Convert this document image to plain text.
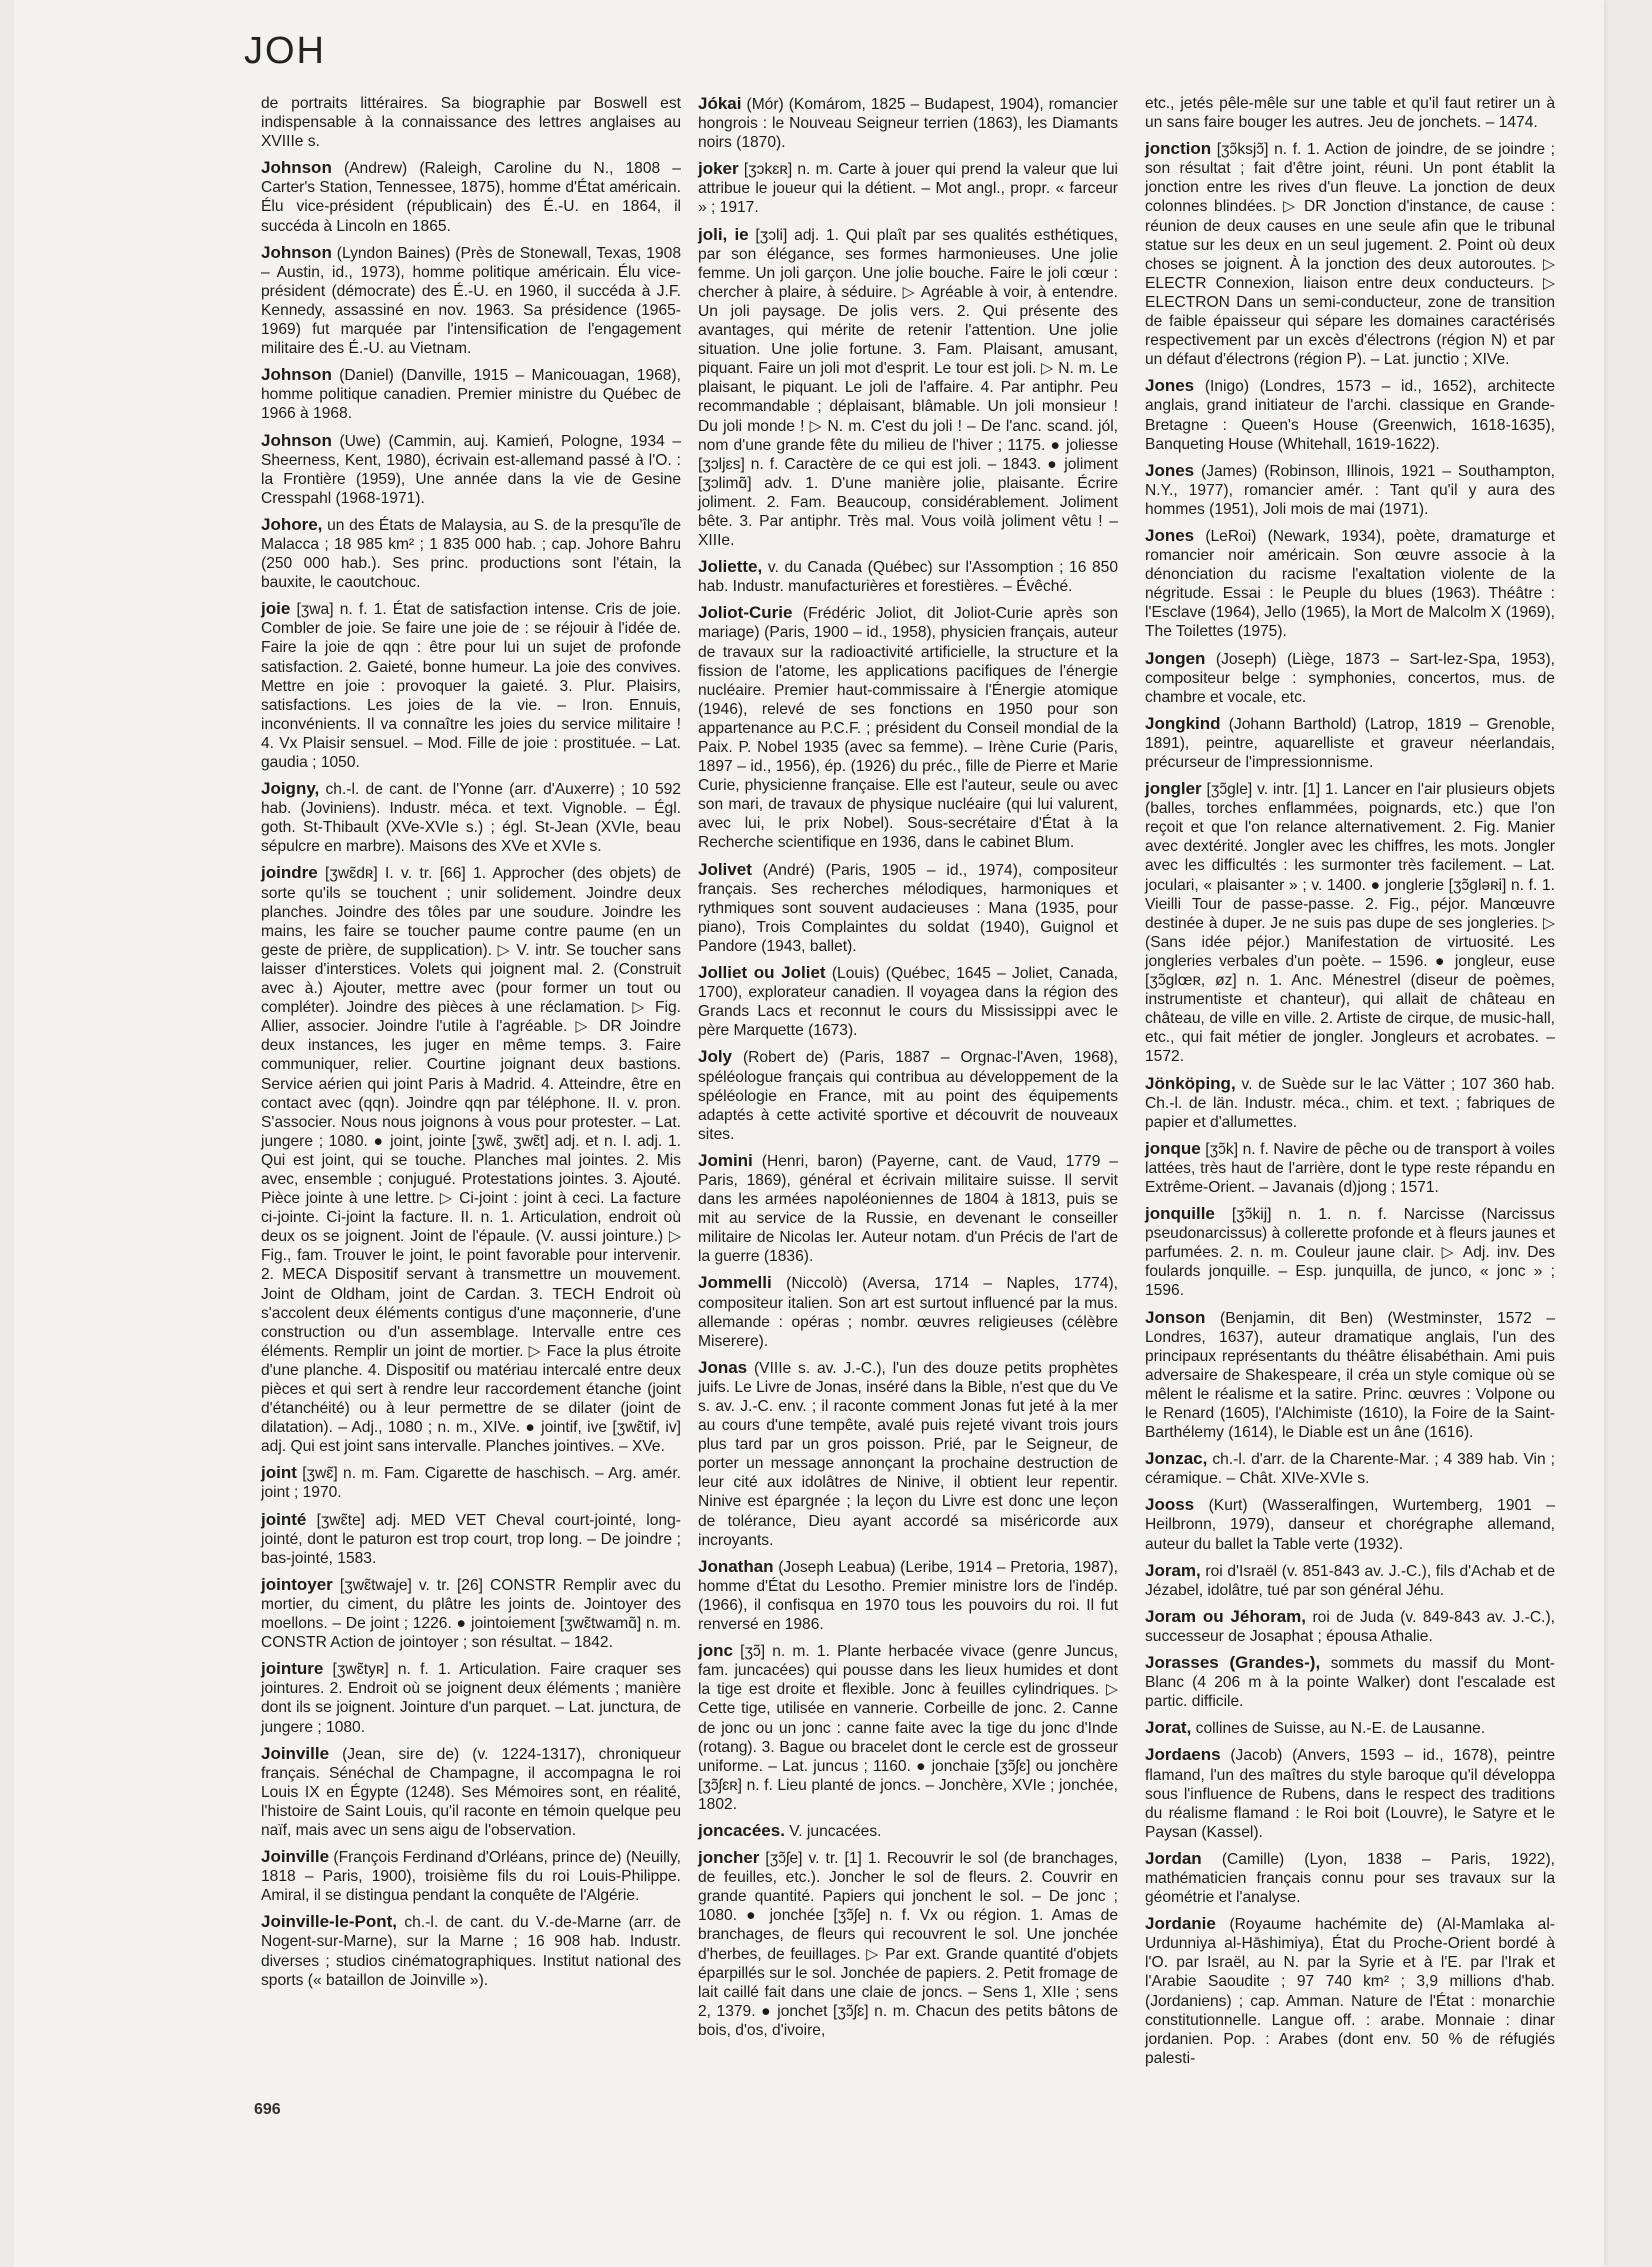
JOH

de portraits littéraires. Sa biographie par Boswell est indispensable à la connaissance des lettres anglaises au XVIIIe s.

Johnson (Andrew) (Raleigh, Caroline du N., 1808 – Carter's Station, Tennessee, 1875), homme d'État américain. Élu vice-président (républicain) des É.-U. en 1864, il succéda à Lincoln en 1865.

Johnson (Lyndon Baines) (Près de Stonewall, Texas, 1908 – Austin, id., 1973), homme politique américain. Élu vice-président (démocrate) des É.-U. en 1960, il succéda à J.F. Kennedy, assassiné en nov. 1963. Sa présidence (1965-1969) fut marquée par l'intensification de l'engagement militaire des É.-U. au Vietnam.

Johnson (Daniel) (Danville, 1915 – Manicouagan, 1968), homme politique canadien. Premier ministre du Québec de 1966 à 1968.

Johnson (Uwe) (Cammin, auj. Kamień, Pologne, 1934 – Sheerness, Kent, 1980), écrivain est-allemand passé à l'O. : la Frontière (1959), Une année dans la vie de Gesine Cresspahl (1968-1971).

Johore, un des États de Malaysia, au S. de la presqu'île de Malacca ; 18 985 km² ; 1 835 000 hab. ; cap. Johore Bahru (250 000 hab.). Ses princ. productions sont l'étain, la bauxite, le caoutchouc.

joie [ʒwa] n. f. 1. État de satisfaction intense. Cris de joie. Combler de joie. Se faire une joie de : se réjouir à l'idée de. Faire la joie de qqn : être pour lui un sujet de profonde satisfaction. 2. Gaieté, bonne humeur. La joie des convives. Mettre en joie : provoquer la gaieté. 3. Plur. Plaisirs, satisfactions. Les joies de la vie. – Iron. Ennuis, inconvénients. Il va connaître les joies du service militaire ! 4. Vx Plaisir sensuel. – Mod. Fille de joie : prostituée. – Lat. gaudia ; 1050.

Joigny, ch.-l. de cant. de l'Yonne (arr. d'Auxerre) ; 10 592 hab. (Joviniens). Industr. méca. et text. Vignoble. – Égl. goth. St-Thibault (XVe-XVIe s.) ; égl. St-Jean (XVIe, beau sépulcre en marbre). Maisons des XVe et XVIe s.

joindre [ʒwɛ̃dʀ] I. v. tr. [66] 1. Approcher (des objets) de sorte qu'ils se touchent ; unir solidement. Joindre deux planches. Joindre des tôles par une soudure. Joindre les mains, les faire se toucher paume contre paume (en un geste de prière, de supplication). ▷ V. intr. Se toucher sans laisser d'interstices. Volets qui joignent mal. 2. (Construit avec à.) Ajouter, mettre avec (pour former un tout ou compléter). Joindre des pièces à une réclamation. ▷ Fig. Allier, associer. Joindre l'utile à l'agréable. ▷ DR Joindre deux instances, les juger en même temps. 3. Faire communiquer, relier. Courtine joignant deux bastions. Service aérien qui joint Paris à Madrid. 4. Atteindre, être en contact avec (qqn). Joindre qqn par téléphone. II. v. pron. S'associer. Nous nous joignons à vous pour protester. – Lat. jungere ; 1080. ● joint, jointe [ʒwɛ̃, ʒwɛ̃t] adj. et n. I. adj. 1. Qui est joint, qui se touche. Planches mal jointes. 2. Mis avec, ensemble ; conjugué. Protestations jointes. 3. Ajouté. Pièce jointe à une lettre. ▷ Ci-joint : joint à ceci. La facture ci-jointe. Ci-joint la facture. II. n. 1. Articulation, endroit où deux os se joignent. Joint de l'épaule. (V. aussi jointure.) ▷ Fig., fam. Trouver le joint, le point favorable pour intervenir. 2. MECA Dispositif servant à transmettre un mouvement. Joint de Oldham, joint de Cardan. 3. TECH Endroit où s'accolent deux éléments contigus d'une maçonnerie, d'une construction ou d'un assemblage. Intervalle entre ces éléments. Remplir un joint de mortier. ▷ Face la plus étroite d'une planche. 4. Dispositif ou matériau intercalé entre deux pièces et qui sert à rendre leur raccordement étanche (joint d'étanchéité) ou à leur permettre de se dilater (joint de dilatation). – Adj., 1080 ; n. m., XIVe. ● jointif, ive [ʒwɛ̃tif, iv] adj. Qui est joint sans intervalle. Planches jointives. – XVe.

joint [ʒwɛ̃] n. m. Fam. Cigarette de haschisch. – Arg. amér. joint ; 1970.

jointé [ʒwɛ̃te] adj. MED VET Cheval court-jointé, long-jointé, dont le paturon est trop court, trop long. – De joindre ; bas-jointé, 1583.

jointoyer [ʒwɛ̃twaje] v. tr. [26] CONSTR Remplir avec du mortier, du ciment, du plâtre les joints de. Jointoyer des moellons. – De joint ; 1226. ● jointoiement [ʒwɛ̃twamɑ̃] n. m. CONSTR Action de jointoyer ; son résultat. – 1842.

jointure [ʒwɛ̃tyʀ] n. f. 1. Articulation. Faire craquer ses jointures. 2. Endroit où se joignent deux éléments ; manière dont ils se joignent. Jointure d'un parquet. – Lat. junctura, de jungere ; 1080.

Joinville (Jean, sire de) (v. 1224-1317), chroniqueur français. Sénéchal de Champagne, il accompagna le roi Louis IX en Égypte (1248). Ses Mémoires sont, en réalité, l'histoire de Saint Louis, qu'il raconte en témoin quelque peu naïf, mais avec un sens aigu de l'observation.

Joinville (François Ferdinand d'Orléans, prince de) (Neuilly, 1818 – Paris, 1900), troisième fils du roi Louis-Philippe. Amiral, il se distingua pendant la conquête de l'Algérie.

Joinville-le-Pont, ch.-l. de cant. du V.-de-Marne (arr. de Nogent-sur-Marne), sur la Marne ; 16 908 hab. Industr. diverses ; studios cinématographiques. Institut national des sports (« bataillon de Joinville »).

Jókai (Mór) (Komárom, 1825 – Budapest, 1904), romancier hongrois : le Nouveau Seigneur terrien (1863), les Diamants noirs (1870).

joker [ʒɔkɛʀ] n. m. Carte à jouer qui prend la valeur que lui attribue le joueur qui la détient. – Mot angl., propr. « farceur » ; 1917.

joli, ie [ʒɔli] adj. 1. Qui plaît par ses qualités esthétiques, par son élégance, ses formes harmonieuses. Une jolie femme. Un joli garçon. Une jolie bouche. Faire le joli cœur : chercher à plaire, à séduire. ▷ Agréable à voir, à entendre. Un joli paysage. De jolis vers. 2. Qui présente des avantages, qui mérite de retenir l'attention. Une jolie situation. Une jolie fortune. 3. Fam. Plaisant, amusant, piquant. Faire un joli mot d'esprit. Le tour est joli. ▷ N. m. Le plaisant, le piquant. Le joli de l'affaire. 4. Par antiphr. Peu recommandable ; déplaisant, blâmable. Un joli monsieur ! Du joli monde ! ▷ N. m. C'est du joli ! – De l'anc. scand. jól, nom d'une grande fête du milieu de l'hiver ; 1175. ● joliesse [ʒɔljɛs] n. f. Caractère de ce qui est joli. – 1843. ● joliment [ʒɔlimɑ̃] adv. 1. D'une manière jolie, plaisante. Écrire joliment. 2. Fam. Beaucoup, considérablement. Joliment bête. 3. Par antiphr. Très mal. Vous voilà joliment vêtu ! – XIIIe.

Joliette, v. du Canada (Québec) sur l'Assomption ; 16 850 hab. Industr. manufacturières et forestières. – Évêché.

Joliot-Curie (Frédéric Joliot, dit Joliot-Curie après son mariage) (Paris, 1900 – id., 1958), physicien français, auteur de travaux sur la radioactivité artificielle, la structure et la fission de l'atome, les applications pacifiques de l'énergie nucléaire. Premier haut-commissaire à l'Énergie atomique (1946), relevé de ses fonctions en 1950 pour son appartenance au P.C.F. ; président du Conseil mondial de la Paix. P. Nobel 1935 (avec sa femme). – Irène Curie (Paris, 1897 – id., 1956), ép. (1926) du préc., fille de Pierre et Marie Curie, physicienne française. Elle est l'auteur, seule ou avec son mari, de travaux de physique nucléaire (qui lui valurent, avec lui, le prix Nobel). Sous-secrétaire d'État à la Recherche scientifique en 1936, dans le cabinet Blum.

Jolivet (André) (Paris, 1905 – id., 1974), compositeur français. Ses recherches mélodiques, harmoniques et rythmiques sont souvent audacieuses : Mana (1935, pour piano), Trois Complaintes du soldat (1940), Guignol et Pandore (1943, ballet).

Jolliet ou Joliet (Louis) (Québec, 1645 – Joliet, Canada, 1700), explorateur canadien. Il voyagea dans la région des Grands Lacs et reconnut le cours du Mississippi avec le père Marquette (1673).

Joly (Robert de) (Paris, 1887 – Orgnac-l'Aven, 1968), spéléologue français qui contribua au développement de la spéléologie en France, mit au point des équipements adaptés à cette activité sportive et découvrit de nouveaux sites.

Jomini (Henri, baron) (Payerne, cant. de Vaud, 1779 – Paris, 1869), général et écrivain militaire suisse. Il servit dans les armées napoléoniennes de 1804 à 1813, puis se mit au service de la Russie, en devenant le conseiller militaire de Nicolas Ier. Auteur notam. d'un Précis de l'art de la guerre (1836).

Jommelli (Niccolò) (Aversa, 1714 – Naples, 1774), compositeur italien. Son art est surtout influencé par la mus. allemande : opéras ; nombr. œuvres religieuses (célèbre Miserere).

Jonas (VIIIe s. av. J.-C.), l'un des douze petits prophètes juifs. Le Livre de Jonas, inséré dans la Bible, n'est que du Ve s. av. J.-C. env. ; il raconte comment Jonas fut jeté à la mer au cours d'une tempête, avalé puis rejeté vivant trois jours plus tard par un gros poisson. Prié, par le Seigneur, de porter un message annonçant la prochaine destruction de leur cité aux idolâtres de Ninive, il obtient leur repentir. Ninive est épargnée ; la leçon du Livre est donc une leçon de tolérance, Dieu ayant accordé sa miséricorde aux incroyants.

Jonathan (Joseph Leabua) (Leribe, 1914 – Pretoria, 1987), homme d'État du Lesotho. Premier ministre lors de l'indép. (1966), il confisqua en 1970 tous les pouvoirs du roi. Il fut renversé en 1986.

jonc [ʒɔ̃] n. m. 1. Plante herbacée vivace (genre Juncus, fam. juncacées) qui pousse dans les lieux humides et dont la tige est droite et flexible. Jonc à feuilles cylindriques. ▷ Cette tige, utilisée en vannerie. Corbeille de jonc. 2. Canne de jonc ou un jonc : canne faite avec la tige du jonc d'Inde (rotang). 3. Bague ou bracelet dont le cercle est de grosseur uniforme. – Lat. juncus ; 1160. ● jonchaie [ʒɔ̃ʃɛ] ou jonchère [ʒɔ̃ʃɛʀ] n. f. Lieu planté de joncs. – Jonchère, XVIe ; jonchée, 1802.

joncacées. V. juncacées.

joncher [ʒɔ̃ʃe] v. tr. [1] 1. Recouvrir le sol (de branchages, de feuilles, etc.). Joncher le sol de fleurs. 2. Couvrir en grande quantité. Papiers qui jonchent le sol. – De jonc ; 1080. ● jonchée [ʒɔ̃ʃe] n. f. Vx ou région. 1. Amas de branchages, de fleurs qui recouvrent le sol. Une jonchée d'herbes, de feuillages. ▷ Par ext. Grande quantité d'objets éparpillés sur le sol. Jonchée de papiers. 2. Petit fromage de lait caillé fait dans une claie de joncs. – Sens 1, XIIe ; sens 2, 1379. ● jonchet [ʒɔ̃ʃɛ] n. m. Chacun des petits bâtons de bois, d'os, d'ivoire,

etc., jetés pêle-mêle sur une table et qu'il faut retirer un à un sans faire bouger les autres. Jeu de jonchets. – 1474.

jonction [ʒɔ̃ksjɔ̃] n. f. 1. Action de joindre, de se joindre ; son résultat ; fait d'être joint, réuni. Un pont établit la jonction entre les rives d'un fleuve. La jonction de deux colonnes blindées. ▷ DR Jonction d'instance, de cause : réunion de deux causes en une seule afin que le tribunal statue sur les deux en un seul jugement. 2. Point où deux choses se joignent. À la jonction des deux autoroutes. ▷ ELECTR Connexion, liaison entre deux conducteurs. ▷ ELECTRON Dans un semi-conducteur, zone de transition de faible épaisseur qui sépare les domaines caractérisés respectivement par un excès d'électrons (région N) et par un défaut d'électrons (région P). – Lat. junctio ; XIVe.

Jones (Inigo) (Londres, 1573 – id., 1652), architecte anglais, grand initiateur de l'archi. classique en Grande-Bretagne : Queen's House (Greenwich, 1618-1635), Banqueting House (Whitehall, 1619-1622).

Jones (James) (Robinson, Illinois, 1921 – Southampton, N.Y., 1977), romancier amér. : Tant qu'il y aura des hommes (1951), Joli mois de mai (1971).

Jones (LeRoi) (Newark, 1934), poète, dramaturge et romancier noir américain. Son œuvre associe à la dénonciation du racisme l'exaltation violente de la négritude. Essai : le Peuple du blues (1963). Théâtre : l'Esclave (1964), Jello (1965), la Mort de Malcolm X (1969), The Toilettes (1975).

Jongen (Joseph) (Liège, 1873 – Sart-lez-Spa, 1953), compositeur belge : symphonies, concertos, mus. de chambre et vocale, etc.

Jongkind (Johann Barthold) (Latrop, 1819 – Grenoble, 1891), peintre, aquarelliste et graveur néerlandais, précurseur de l'impressionnisme.

jongler [ʒɔ̃gle] v. intr. [1] 1. Lancer en l'air plusieurs objets (balles, torches enflammées, poignards, etc.) que l'on reçoit et que l'on relance alternativement. 2. Fig. Manier avec dextérité. Jongler avec les chiffres, les mots. Jongler avec les difficultés : les surmonter très facilement. – Lat. joculari, « plaisanter » ; v. 1400. ● jonglerie [ʒɔ̃gləʀi] n. f. 1. Vieilli Tour de passe-passe. 2. Fig., péjor. Manœuvre destinée à duper. Je ne suis pas dupe de ses jongleries. ▷ (Sans idée péjor.) Manifestation de virtuosité. Les jongleries verbales d'un poète. – 1596. ● jongleur, euse [ʒɔ̃glœʀ, øz] n. 1. Anc. Ménestrel (diseur de poèmes, instrumentiste et chanteur), qui allait de château en château, de ville en ville. 2. Artiste de cirque, de music-hall, etc., qui fait métier de jongler. Jongleurs et acrobates. – 1572.

Jönköping, v. de Suède sur le lac Vätter ; 107 360 hab. Ch.-l. de län. Industr. méca., chim. et text. ; fabriques de papier et d'allumettes.

jonque [ʒɔ̃k] n. f. Navire de pêche ou de transport à voiles lattées, très haut de l'arrière, dont le type reste répandu en Extrême-Orient. – Javanais (d)jong ; 1571.

jonquille [ʒɔ̃kij] n. 1. n. f. Narcisse (Narcissus pseudonarcissus) à collerette profonde et à fleurs jaunes et parfumées. 2. n. m. Couleur jaune clair. ▷ Adj. inv. Des foulards jonquille. – Esp. junquilla, de junco, « jonc » ; 1596.

Jonson (Benjamin, dit Ben) (Westminster, 1572 – Londres, 1637), auteur dramatique anglais, l'un des principaux représentants du théâtre élisabéthain. Ami puis adversaire de Shakespeare, il créa un style comique où se mêlent le réalisme et la satire. Princ. œuvres : Volpone ou le Renard (1605), l'Alchimiste (1610), la Foire de la Saint-Barthélemy (1614), le Diable est un âne (1616).

Jonzac, ch.-l. d'arr. de la Charente-Mar. ; 4 389 hab. Vin ; céramique. – Chât. XIVe-XVIe s.

Jooss (Kurt) (Wasseralfingen, Wurtemberg, 1901 – Heilbronn, 1979), danseur et chorégraphe allemand, auteur du ballet la Table verte (1932).

Joram, roi d'Israël (v. 851-843 av. J.-C.), fils d'Achab et de Jézabel, idolâtre, tué par son général Jéhu.

Joram ou Jéhoram, roi de Juda (v. 849-843 av. J.-C.), successeur de Josaphat ; épousa Athalie.

Jorasses (Grandes-), sommets du massif du Mont-Blanc (4 206 m à la pointe Walker) dont l'escalade est partic. difficile.

Jorat, collines de Suisse, au N.-E. de Lausanne.

Jordaens (Jacob) (Anvers, 1593 – id., 1678), peintre flamand, l'un des maîtres du style baroque qu'il développa sous l'influence de Rubens, dans le respect des traditions du réalisme flamand : le Roi boit (Louvre), le Satyre et le Paysan (Kassel).

Jordan (Camille) (Lyon, 1838 – Paris, 1922), mathématicien français connu pour ses travaux sur la géométrie et l'analyse.

Jordanie (Royaume hachémite de) (Al-Mamlaka al-Urdunniya al-Hāshimiya), État du Proche-Orient bordé à l'O. par Israël, au N. par la Syrie et à l'E. par l'Irak et l'Arabie Saoudite ; 97 740 km² ; 3,9 millions d'hab. (Jordaniens) ; cap. Amman. Nature de l'État : monarchie constitutionnelle. Langue off. : arabe. Monnaie : dinar jordanien. Pop. : Arabes (dont env. 50 % de réfugiés palesti-

696
